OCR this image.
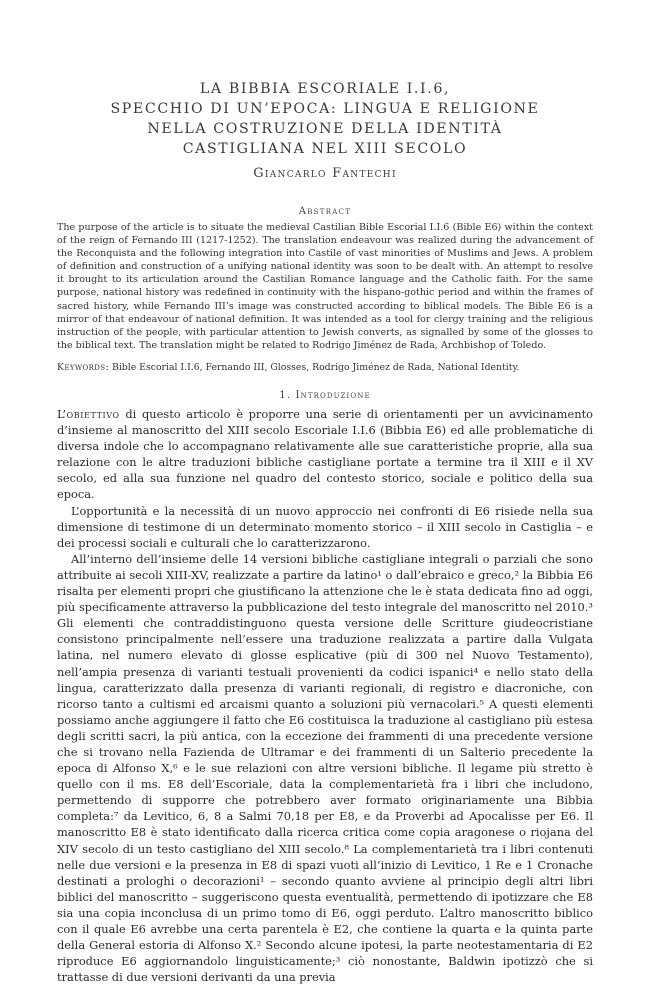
LA BIBBIA ESCORIALE I.I.6,
SPECCHIO DI UN’EPOCA: LINGUA E RELIGIONE
NELLA COSTRUZIONE DELLA IDENTITÀ
CASTIGLIANA NEL XIII SECOLO
Giancarlo Fantechi
Abstract
The purpose of the article is to situate the medieval Castilian Bible Escorial I.I.6 (Bible E6) within the context of the reign of Fernando III (1217-1252). The translation endeavour was realized during the advancement of the Reconquista and the following integration into Castile of vast minorities of Muslims and Jews. A problem of definition and construction of a unifying national identity was soon to be dealt with. An attempt to resolve it brought to its articulation around the Castilian Romance language and the Catholic faith. For the same purpose, national history was redefined in continuity with the hispano-gothic period and within the frames of sacred history, while Fernando III’s image was constructed according to biblical models. The Bible E6 is a mirror of that endeavour of national definition. It was intended as a tool for clergy training and the religious instruction of the people, with particular attention to Jewish converts, as signalled by some of the glosses to the biblical text. The translation might be related to Rodrigo Jiménez de Rada, Archbishop of Toledo.
Keywords: Bible Escorial I.I.6, Fernando III, Glosses, Rodrigo Jiménez de Rada, National Identity.
1. Introduzione

L’obiettivo di questo articolo è proporre una serie di orientamenti per un avvicinamento d’insieme al manoscritto del XIII secolo Escoriale I.I.6 (Bibbia E6) ed alle problematiche di diversa indole che lo accompagnano relativamente alle sue caratteristiche proprie, alla sua relazione con le altre traduzioni bibliche castigliane portate a termine tra il XIII e il XV secolo, ed alla sua funzione nel quadro del contesto storico, sociale e politico della sua epoca.

L’opportunità e la necessità di un nuovo approccio nei confronti di E6 risiede nella sua dimensione di testimone di un determinato momento storico – il XIII secolo in Castiglia – e dei processi sociali e culturali che lo caratterizzarono.

All’interno dell’insieme delle 14 versioni bibliche castigliane integrali o parziali che sono attribuite ai secoli XIII-XV, realizzate a partire da latino¹ o dall’ebraico e greco,² la Bibbia E6 risalta per elementi propri che giustificano la attenzione che le è stata dedicata fino ad oggi, più specificamente attraverso la pubblicazione del testo integrale del manoscritto nel 2010.³ Gli elementi che contraddistinguono questa versione delle Scritture giudeocristiane consistono principalmente nell’essere una traduzione realizzata a partire dalla Vulgata latina, nel numero elevato di glosse esplicative (più di 300 nel Nuovo Testamento), nell’ampia presenza di varianti testuali provenienti da codici ispanici⁴ e nello stato della lingua, caratterizzato dalla presenza di varianti regionali, di registro e diacroniche, con ricorso tanto a cultismi ed arcaismi quanto a soluzioni più vernacolari.⁵ A questi elementi possiamo anche aggiungere il fatto che E6 costituisca la traduzione al castigliano più estesa degli scritti sacri, la più antica, con la eccezione dei frammenti di una precedente versione che si trovano nella Fazienda de Ultramar e dei frammenti di un Salterio precedente la epoca di Alfonso X,⁶ e le sue relazioni con altre versioni bibliche. Il legame più stretto è quello con il ms. E8 dell’Escoriale, data la complementarietà fra i libri che includono, permettendo di supporre che potrebbero aver formato originariamente una Bibbia completa:⁷ da Levitico, 6, 8 a Salmi 70,18 per E8, e da Proverbi ad Apocalisse per E6. Il manoscritto E8 è stato identificato dalla ricerca critica come copia aragonese o riojana del XIV secolo di un testo castigliano del XIII secolo.⁸ La complementarietà tra i libri contenuti nelle due versioni e la presenza in E8 di spazi vuoti all’inizio di Levitico, 1 Re e 1 Cronache destinati a prologhi o decorazioni¹ – secondo quanto avviene al principio degli altri libri biblici del manoscritto – suggeriscono questa eventualità, permettendo di ipotizzare che E8 sia una copia inconclusa di un primo tomo di E6, oggi perduto. L’altro manoscritto biblico con il quale E6 avrebbe una certa parentela è E2, che contiene la quarta e la quinta parte della General estoria di Alfonso X.² Secondo alcune ipotesi, la parte neotestamentaria di E2 riproduce E6 aggiornandolo linguisticamente;³ ciò nonostante, Baldwin ipotizzò che si trattasse di due versioni derivanti da una previa
